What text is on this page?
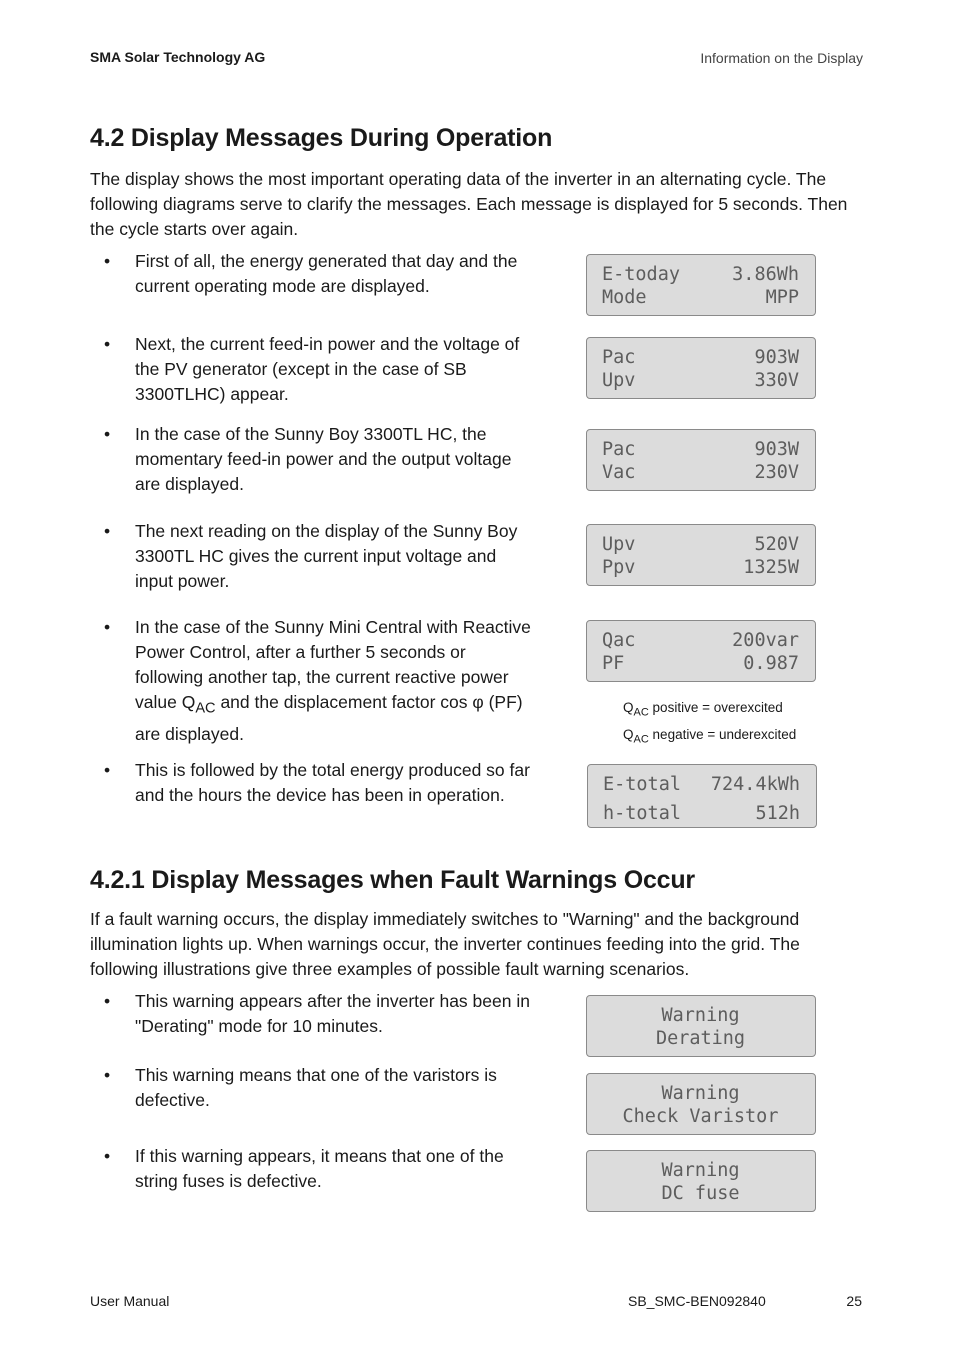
SMA Solar Technology AG	Information on the Display
4.2 Display Messages During Operation
The display shows the most important operating data of the inverter in an alternating cycle. The following diagrams serve to clarify the messages. Each message is displayed for 5 seconds. Then the cycle starts over again.
• First of all, the energy generated that day and the current operating mode are displayed.
• Next, the current feed-in power and the voltage of the PV generator (except in the case of SB 3300TLHC) appear.
• In the case of the Sunny Boy 3300TL HC, the momentary feed-in power and the output voltage are displayed.
• The next reading on the display of the Sunny Boy 3300TL HC gives the current input voltage and input power.
• In the case of the Sunny Mini Central with Reactive Power Control, after a further 5 seconds or following another tap, the current reactive power value $Q_{AC}$ and the displacement factor cos φ (PF) are displayed.
• This is followed by the total energy produced so far and the hours the device has been in operation.
E-today	3.86Wh
Mode	MPP
Pac	903W
Upv	330V
Pac	903W
Vac	230V
Upv	520V
Ppv	1325W
Qac	200var
PF	0.987
$Q_{AC}$ positive = overexcited
$Q_{AC}$ negative = underexcited
E-total 724.4kWh
h-total	512h
4.2.1 Display Messages when Fault Warnings Occur
If a fault warning occurs, the display immediately switches to "Warning" and the background illumination lights up. When warnings occur, the inverter continues feeding into the grid. The following illustrations give three examples of possible fault warning scenarios.
• This warning appears after the inverter has been in "Derating" mode for 10 minutes.
• This warning means that one of the varistors is defective.
• If this warning appears, it means that one of the string fuses is defective.
Warning
Derating
Warning
Check Varistor
Warning
DC fuse
User Manual	SB_SMC-BEN092840	25
